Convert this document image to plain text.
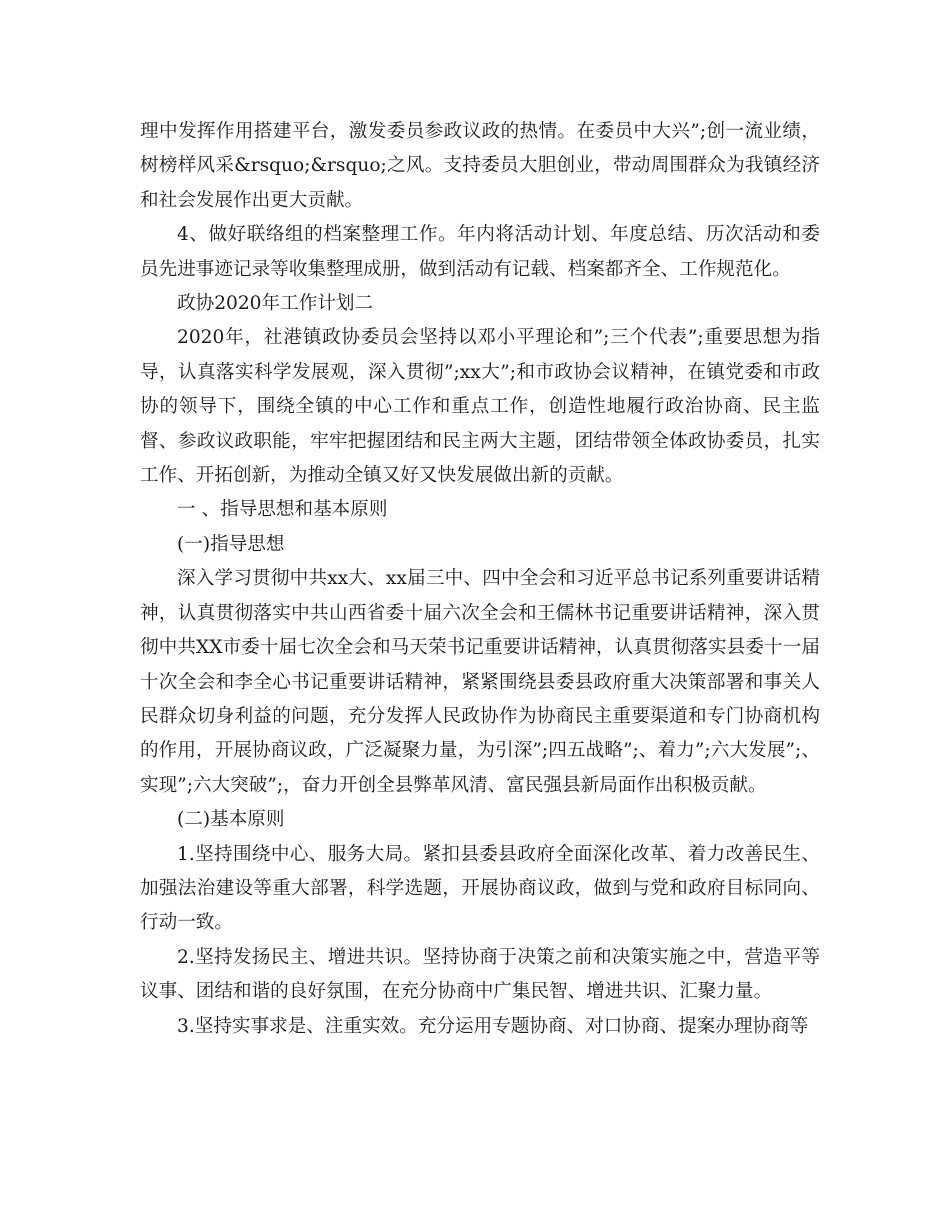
理中发挥作用搭建平台，激发委员参政议政的热情。在委员中大兴”;创一流业绩，树榜样风采&rsquo;&rsquo;之风。支持委员大胆创业，带动周围群众为我镇经济和社会发展作出更大贡献。

4、做好联络组的档案整理工作。年内将活动计划、年度总结、历次活动和委员先进事迹记录等收集整理成册，做到活动有记载、档案都齐全、工作规范化。

政协2020年工作计划二

2020年，社港镇政协委员会坚持以邓小平理论和”;三个代表”;重要思想为指导，认真落实科学发展观，深入贯彻”;xx大”;和市政协会议精神，在镇党委和市政协的领导下，围绕全镇的中心工作和重点工作，创造性地履行政治协商、民主监督、参政议政职能，牢牢把握团结和民主两大主题，团结带领全体政协委员，扎实工作、开拓创新，为推动全镇又好又快发展做出新的贡献。

一 、指导思想和基本原则

(一)指导思想

深入学习贯彻中共xx大、xx届三中、四中全会和习近平总书记系列重要讲话精神，认真贯彻落实中共山西省委十届六次全会和王儒林书记重要讲话精神，深入贯彻中共XX市委十届七次全会和马天荣书记重要讲话精神，认真贯彻落实县委十一届十次全会和李全心书记重要讲话精神，紧紧围绕县委县政府重大决策部署和事关人民群众切身利益的问题，充分发挥人民政协作为协商民主重要渠道和专门协商机构的作用，开展协商议政，广泛凝聚力量，为引深”;四五战略”;、着力”;六大发展”;、实现”;六大突破”;，奋力开创全县弊革风清、富民强县新局面作出积极贡献。

(二)基本原则

1.坚持围绕中心、服务大局。紧扣县委县政府全面深化改革、着力改善民生、加强法治建设等重大部署，科学选题，开展协商议政，做到与党和政府目标同向、行动一致。

2.坚持发扬民主、增进共识。坚持协商于决策之前和决策实施之中，营造平等议事、团结和谐的良好氛围，在充分协商中广集民智、增进共识、汇聚力量。

3.坚持实事求是、注重实效。充分运用专题协商、对口协商、提案办理协商等
